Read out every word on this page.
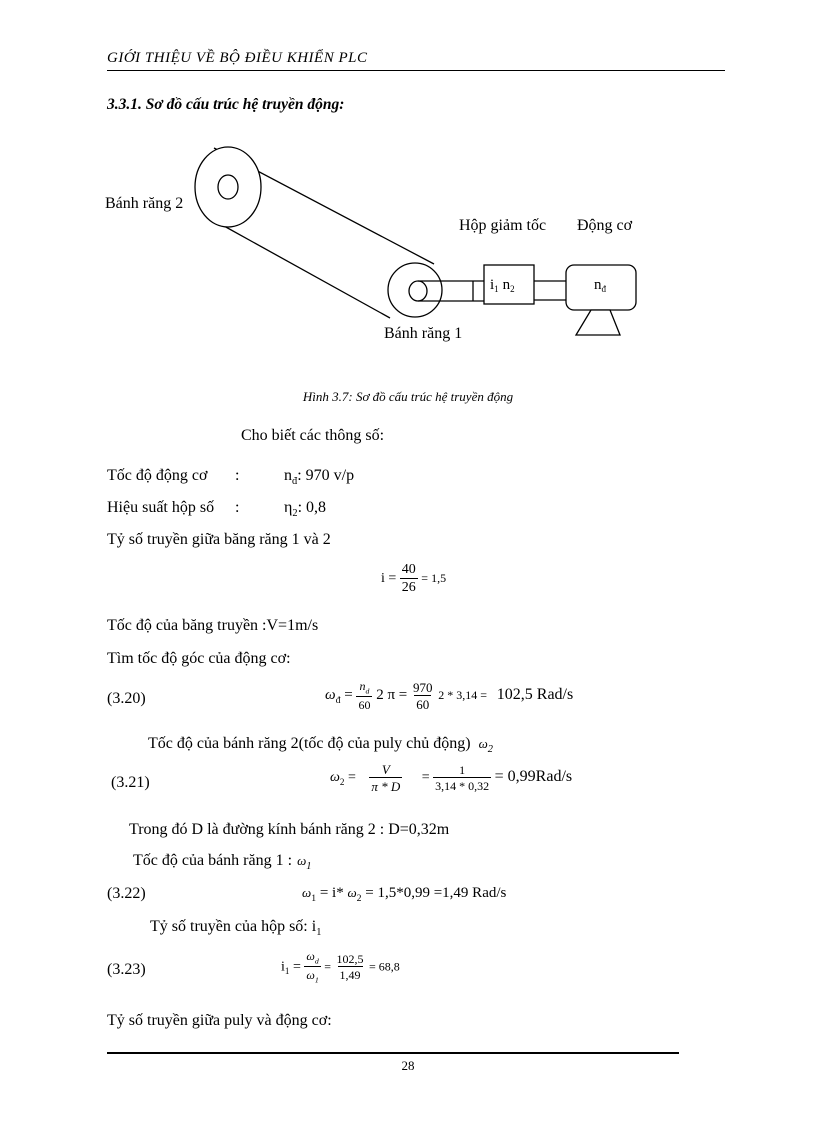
GIỚI THIỆU VỀ BỘ ĐIỀU KHIỂN PLC
3.3.1. Sơ đồ cấu trúc hệ truyền động:
Bánh răng 2
Bánh răng 1
Hộp giảm tốc Động cơ
$i_1$ $n_2$	$n_đ$
Hình 3.7: Sơ đồ cấu trúc hệ truyền động
Cho biết các thông số:
Tốc độ động cơ :	$n_đ$: 970 v/p
Hiệu suất hộp số :	$\eta_2$: 0,8
Tỷ số truyền giữa băng răng 1 và 2
$i = \frac{40}{26} = 1,5$
Tốc độ của băng truyền :V=1m/s
Tìm tốc độ góc của động cơ:
(3.20)	$\omega_đ = \frac{n_d}{60} 2$ $\pi = \frac{970}{60} 2 * 3,14 = 102,5$ Rad/s
Tốc độ của bánh răng 2(tốc độ của puly chủ động) $\omega_2$
(3.21)	$\omega_2 = \frac{V}{\pi * D} = \frac{1}{3,14 * 0,32} = 0,99Rad/s$
Trong đó D là đường kính bánh răng 2 : D=0,32m
Tốc độ của bánh răng 1 : $\omega_1$
(3.22)	$\omega_1 = i*$ $\omega_2 = 1,5*0,99 =1,49$ Rad/s
Tỷ số truyền của hộp số: $i_1$
(3.23)	$i_1 = \frac{\omega_d}{\omega_1} = \frac{102,5}{1,49} = 68,8$
Tỷ số truyền giữa puly và động cơ:
28
